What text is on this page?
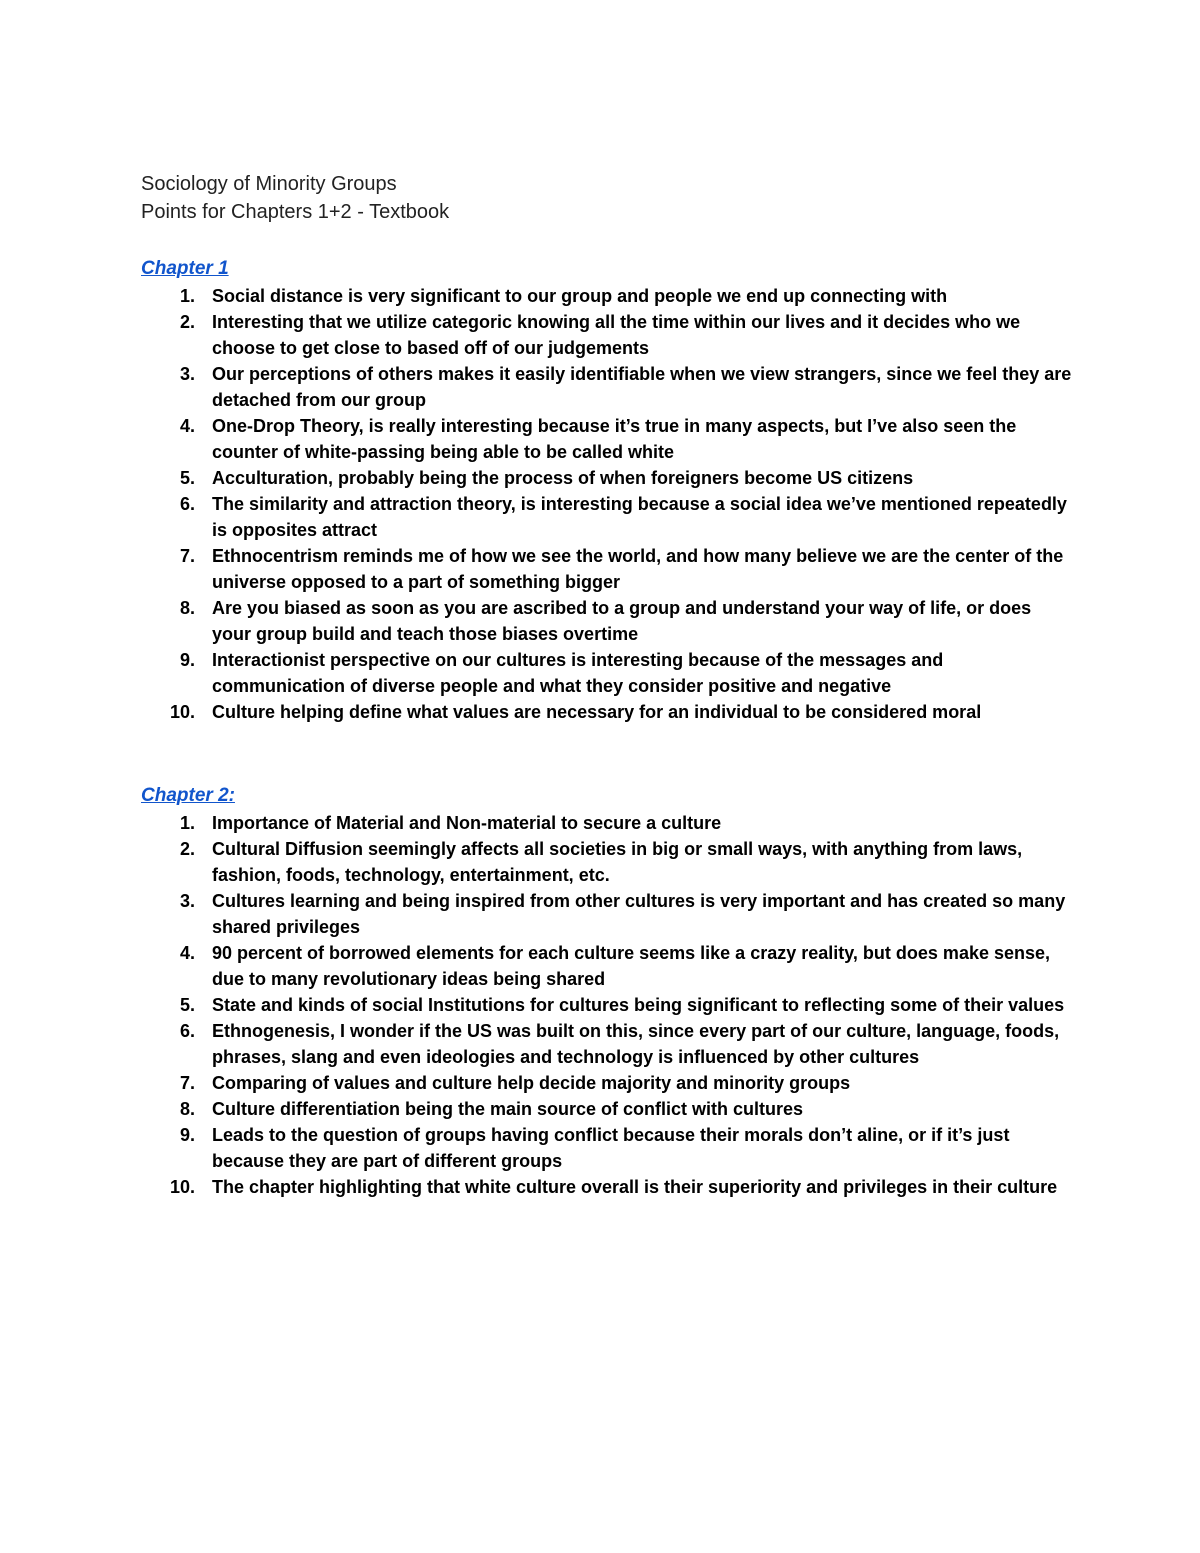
Sociology of Minority Groups
Points for Chapters 1+2 - Textbook
Chapter 1
1. Social distance is very significant to our group and people we end up connecting with
2. Interesting that we utilize categoric knowing all the time within our lives and it decides who we choose to get close to based off of our judgements
3. Our perceptions of others makes it easily identifiable when we view strangers, since we feel they are detached from our group
4. One-Drop Theory, is really interesting because it’s true in many aspects, but I’ve also seen the counter of white-passing being able to be called white
5. Acculturation, probably being the process of when foreigners become US citizens
6. The similarity and attraction theory, is interesting because a social idea we’ve mentioned repeatedly is opposites attract
7. Ethnocentrism reminds me of how we see the world, and how many believe we are the center of the universe opposed to a part of something bigger
8. Are you biased as soon as you are ascribed to a group and understand your way of life, or does your group build and teach those biases overtime
9. Interactionist perspective on our cultures is interesting because of the messages and communication of diverse people and what they consider positive and negative
10. Culture helping define what values are necessary for an individual to be considered moral
Chapter 2:
1. Importance of Material and Non-material to secure a culture
2. Cultural Diffusion seemingly affects all societies in big or small ways, with anything from laws, fashion, foods, technology, entertainment, etc.
3. Cultures learning and being inspired from other cultures is very important and has created so many shared privileges
4. 90 percent of borrowed elements for each culture seems like a crazy reality, but does make sense, due to many revolutionary ideas being shared
5. State and kinds of social Institutions for cultures being significant to reflecting some of their values
6. Ethnogenesis, I wonder if the US was built on this, since every part of our culture, language, foods, phrases, slang and even ideologies and technology is influenced by other cultures
7. Comparing of values and culture help decide majority and minority groups
8. Culture differentiation being the main source of conflict with cultures
9. Leads to the question of groups having conflict because their morals don’t aline, or if it’s just because they are part of different groups
10. The chapter highlighting that white culture overall is their superiority and privileges in their culture
